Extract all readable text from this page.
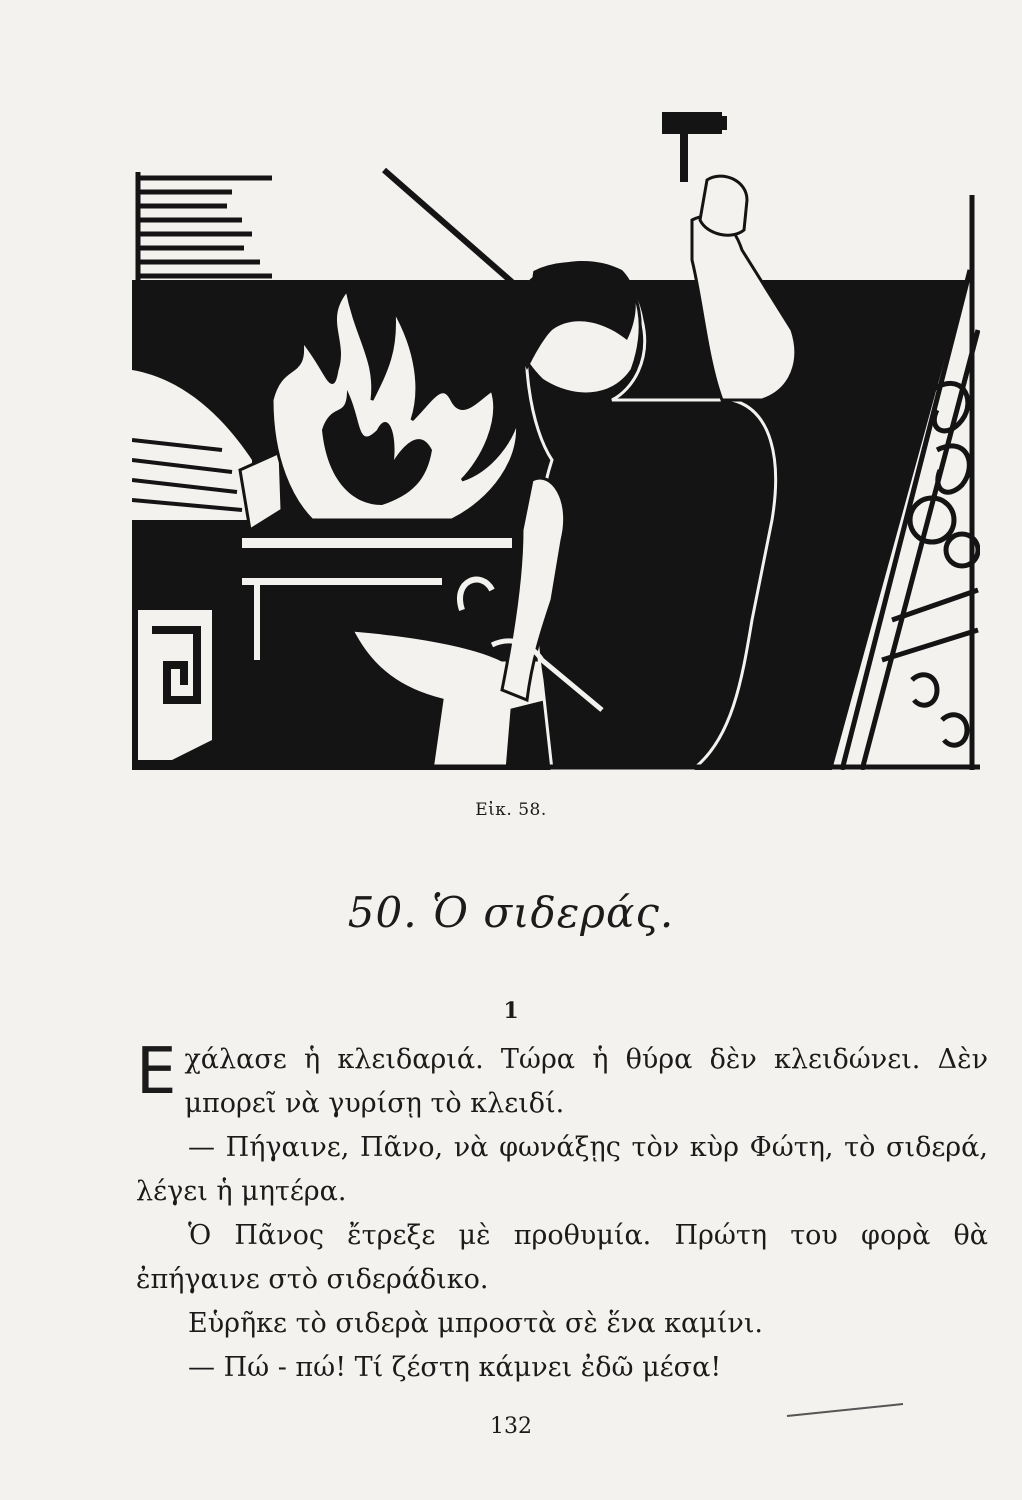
Εἰκ. 58.
50. Ὁ σιδεράς.
1

Εχάλασε ἡ κλειδαριά. Τώρα ἡ θύρα δὲν κλειδώνει. Δὲν μπορεῖ νὰ γυρίσῃ τὸ κλειδί.

— Πήγαινε, Πᾶνο, νὰ φωνάξῃς τὸν κὺρ Φώτη, τὸ σιδερά, λέγει ἡ μητέρα.

Ὁ Πᾶνος ἔτρεξε μὲ προθυμία. Πρώτη του φορὰ θὰ ἐπήγαινε στὸ σιδεράδικο.

Εὑρῆκε τὸ σιδερὰ μπροστὰ σὲ ἕνα καμίνι.

— Πώ - πώ! Τί ζέστη κάμνει ἐδῶ μέσα!

132
